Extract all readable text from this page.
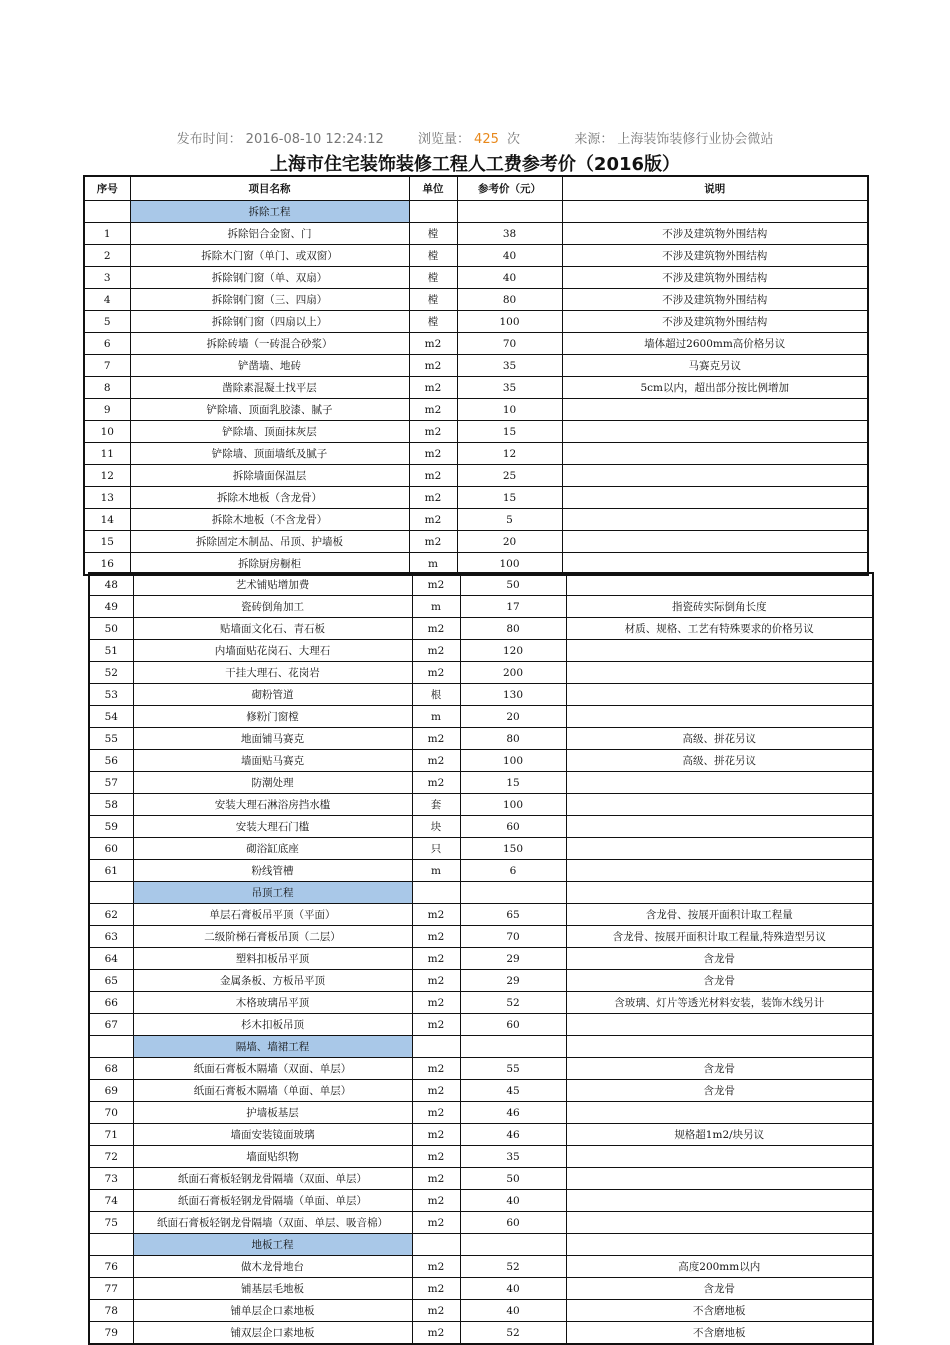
发布时间： 2016-08-10 12:24:12	浏览量： 425 次	来源： 上海装饰装修行业协会微站
上海市住宅装饰装修工程人工费参考价（2016版）
序号	项目名称	单位	参考价（元）	说明
	拆除工程			
1	拆除铝合金窗、门	樘	38	不涉及建筑物外围结构
2	拆除木门窗（单门、或双窗）	樘	40	不涉及建筑物外围结构
3	拆除钢门窗（单、双扇）	樘	40	不涉及建筑物外围结构
4	拆除钢门窗（三、四扇）	樘	80	不涉及建筑物外围结构
5	拆除钢门窗（四扇以上）	樘	100	不涉及建筑物外围结构
6	拆除砖墙（一砖混合砂浆）	m2	70	墙体超过2600mm高价格另议
7	铲凿墙、地砖	m2	35	马赛克另议
8	凿除素混凝土找平层	m2	35	5cm以内，超出部分按比例增加
9	铲除墙、顶面乳胶漆、腻子	m2	10	
10	铲除墙、顶面抹灰层	m2	15	
11	铲除墙、顶面墙纸及腻子	m2	12	
12	拆除墙面保温层	m2	25	
13	拆除木地板（含龙骨）	m2	15	
14	拆除木地板（不含龙骨）	m2	5	
15	拆除固定木制品、吊顶、护墙板	m2	20	
16	拆除厨房橱柜	m	100	
48	艺术铺贴增加费	m2	50	
49	瓷砖倒角加工	m	17	指瓷砖实际倒角长度
50	贴墙面文化石、青石板	m2	80	材质、规格、工艺有特殊要求的价格另议
51	内墙面贴花岗石、大理石	m2	120	
52	干挂大理石、花岗岩	m2	200	
53	砌粉管道	根	130	
54	修粉门窗樘	m	20	
55	地面铺马赛克	m2	80	高级、拼花另议
56	墙面贴马赛克	m2	100	高级、拼花另议
57	防潮处理	m2	15	
58	安装大理石淋浴房挡水槛	套	100	
59	安装大理石门槛	块	60	
60	砌浴缸底座	只	150	
61	粉线管槽	m	6	
	吊顶工程			
62	单层石膏板吊平顶（平面）	m2	65	含龙骨、按展开面积计取工程量
63	二级阶梯石膏板吊顶（二层）	m2	70	含龙骨、按展开面积计取工程量,特殊造型另议
64	塑料扣板吊平顶	m2	29	含龙骨
65	金属条板、方板吊平顶	m2	29	含龙骨
66	木格玻璃吊平顶	m2	52	含玻璃、灯片等透光材料安装，装饰木线另计
67	杉木扣板吊顶	m2	60	
	隔墙、墙裙工程			
68	纸面石膏板木隔墙（双面、单层）	m2	55	含龙骨
69	纸面石膏板木隔墙（单面、单层）	m2	45	含龙骨
70	护墙板基层	m2	46	
71	墙面安装镜面玻璃	m2	46	规格超1m2/块另议
72	墙面贴织物	m2	35	
73	纸面石膏板轻钢龙骨隔墙（双面、单层）	m2	50	
74	纸面石膏板轻钢龙骨隔墙（单面、单层）	m2	40	
75	纸面石膏板轻钢龙骨隔墙（双面、单层、吸音棉）	m2	60	
	地板工程			
76	做木龙骨地台	m2	52	高度200mm以内
77	铺基层毛地板	m2	40	含龙骨
78	铺单层企口素地板	m2	40	不含磨地板
79	铺双层企口素地板	m2	52	不含磨地板
